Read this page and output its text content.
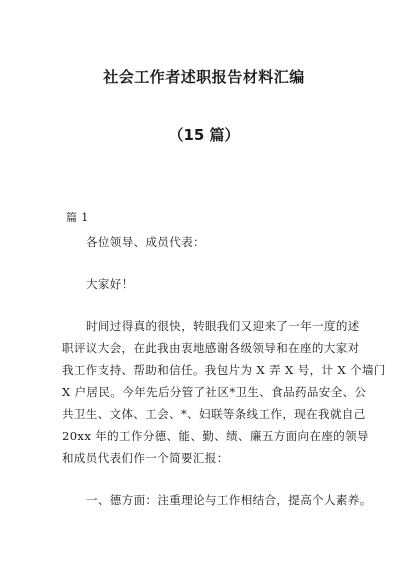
社会工作者述职报告材料汇编
（15 篇）
篇 1
各位领导、成员代表：
大家好！
时间过得真的很快，转眼我们又迎来了一年一度的述
职评议大会，在此我由衷地感谢各级领导和在座的大家对
我工作支持、帮助和信任。我包片为 X 弄 X 号，计 X 个墙门
X 户居民。今年先后分管了社区*卫生、食品药品安全、公
共卫生、文体、工会、*、妇联等条线工作，现在我就自己
20xx 年的工作分德、能、勤、绩、廉五方面向在座的领导
和成员代表们作一个简要汇报：
一、德方面：注重理论与工作相结合，提高个人素养。
